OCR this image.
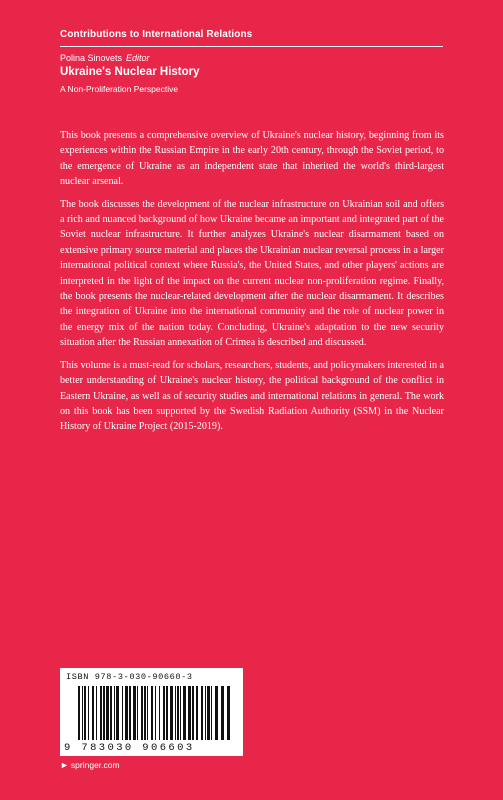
Contributions to International Relations
Polina Sinovets Editor
Ukraine's Nuclear History
A Non-Proliferation Perspective

This book presents a comprehensive overview of Ukraine's nuclear history, beginning from its experiences within the Russian Empire in the early 20th century, through the Soviet period, to the emergence of Ukraine as an independent state that inherited the world's third-largest nuclear arsenal.

The book discusses the development of the nuclear infrastructure on Ukrainian soil and offers a rich and nuanced background of how Ukraine became an important and integrated part of the Soviet nuclear infrastructure. It further analyzes Ukraine's nuclear disarmament based on extensive primary source material and places the Ukrainian nuclear reversal process in a larger international political context where Russia's, the United States, and other players' actions are interpreted in the light of the impact on the current nuclear non-proliferation regime. Finally, the book presents the nuclear-related development after the nuclear disarmament. It describes the integration of Ukraine into the international community and the role of nuclear power in the energy mix of the nation today. Concluding, Ukraine's adaptation to the new security situation after the Russian annexation of Crimea is described and discussed.

This volume is a must-read for scholars, researchers, students, and policymakers interested in a better understanding of Ukraine's nuclear history, the political background of the conflict in Eastern Ukraine, as well as of security studies and international relations in general. The work on this book has been supported by the Swedish Radiation Authority (SSM) in the Nuclear History of Ukraine Project (2015-2019).

ISBN 978-3-030-90660-3
9 783030 906603
► springer.com
